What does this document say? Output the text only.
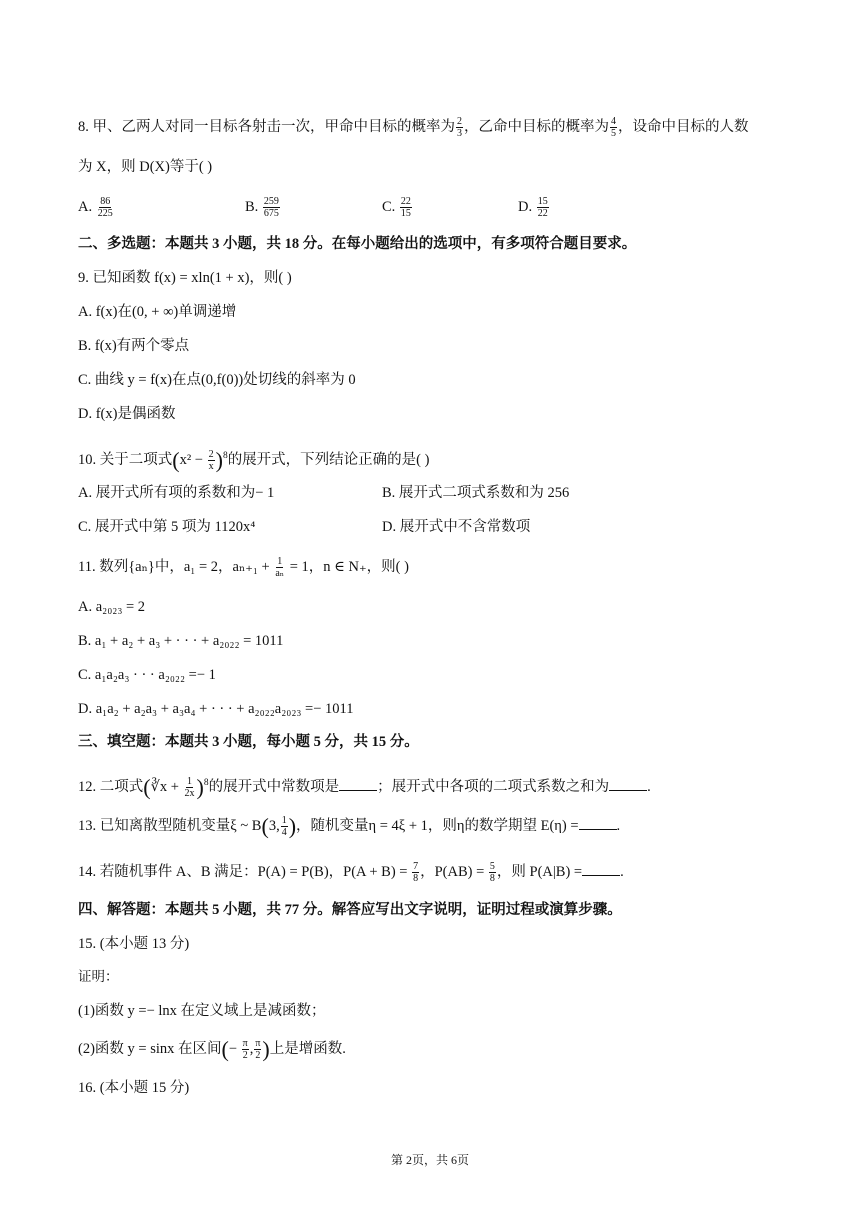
8. 甲、乙两人对同一目标各射击一次，甲命中目标的概率为 $\frac{2}{3}$ ，乙命中目标的概率为 $\frac{4}{5}$ ，设命中目标的人数
为 X，则 D(X)等于( )
A. $\frac{86}{225}$	B. $\frac{259}{675}$	C. $\frac{22}{15}$	D. $\frac{15}{22}$
二、多选题：本题共 3 小题，共 18 分。在每小题给出的选项中，有多项符合题目要求。
9. 已知函数 f(x) = xln(1 + x)，则( )
A. f(x)在(0, + ∞)单调递增
B. f(x)有两个零点
C. 曲线 y = f(x)在点(0,f(0))处切线的斜率为 0
D. f(x)是偶函数
10. 关于二项式$(x^2 - \frac{2}{x} )^8$的展开式，下列结论正确的是( )
A. 展开式所有项的系数和为− 1	B. 展开式二项式系数和为 256
C. 展开式中第 5 项为 1120x⁴	D. 展开式中不含常数项
11. 数列{aₙ}中，a₁ = 2，$a_{n+1} + \frac{1}{\text{aₙ}} = 1$，n ∈ N₊，则( )
A. a₂₀₂₃ = 2
B. a₁ + a₂ + a₃ + · · · + a₂₀₂₂ = 1011
C. a₁a₂a₃ · · · a₂₀₂₂ =− 1
D. a₁a₂ + a₂a₃ + a₃a₄ + · · · + a₂₀₂₂a₂₀₂₃ =− 1011
三、填空题：本题共 3 小题，每小题 5 分，共 15 分。
12. 二项式(∛x + $\frac{1}{2x} )^8$的展开式中常数项是	；展开式中各项的二项式系数之和为	.
13. 已知离散型随机变量ξ ~ B(3, $\frac{1}{4}$ )，随机变量η = 4ξ + 1，则η的数学期望 E(η) =	.
14. 若随机事件 A、B 满足：P(A) = P(B)，$P(A + B) = \frac{7}{8}$ ，$P(AB) = \frac{5}{8}$ ，则 P(A|B) =	.
四、解答题：本题共 5 小题，共 77 分。解答应写出文字说明，证明过程或演算步骤。
15. (本小题 13 分)
证明：
(1)函数 y =− lnx 在定义域上是减函数；
(2)函数 y = sinx 在区间(− $\frac{\pi}{2}$ , $\frac{\pi}{2}$ )上是增函数.
16. (本小题 15 分)
第 2页，共 6页
